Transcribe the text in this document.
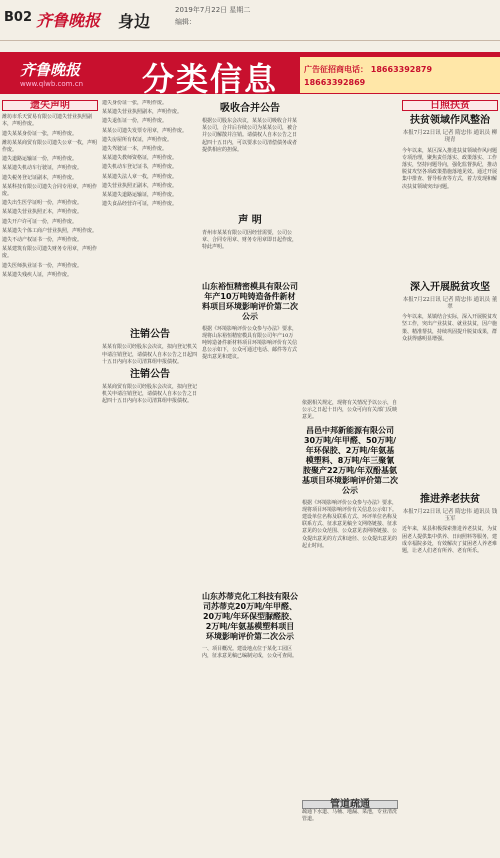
B02 齐鲁晚报 身边
2019年7月22日 星期二
编辑：
齐鲁晚报
www.qlwb.com.cn 分类信息	广告征招商电话： 18663392879
18663392869
遗失声明

潍坊市乐天贸易有限公司遗失营业执照副本，声明作废。

遗失某某身份证一张，声明作废。

潍坊某某商贸有限公司遗失公章一枚，声明作废。

遗失道路运输证一份，声明作废。

某某遗失机动车行驶证，声明作废。

遗失税务登记证副本，声明作废。

某某科技有限公司遗失合同专用章，声明作废。

遗失出生医学证明一份，声明作废。

某某遗失营业执照正本，声明作废。

遗失开户许可证一份，声明作废。

某某遗失个体工商户营业执照，声明作废。

遗失不动产权证书一份，声明作废。

某某建筑有限公司遗失财务专用章，声明作废。

遗失医师执业证书一份，声明作废。

某某遗失残疾人证，声明作废。

遗失身份证一张，声明作废。

某某遗失营业执照副本，声明作废。

遗失退伍证一份，声明作废。

某某公司遗失发票专用章，声明作废。

遗失房屋所有权证，声明作废。

遗失驾驶证一本，声明作废。

某某遗失教师资格证，声明作废。

遗失机动车登记证书，声明作废。

某某遗失法人章一枚，声明作废。

遗失营业执照正副本，声明作废。

某某遗失道路运输证，声明作废。

遗失食品经营许可证，声明作废。

注销公告

某某有限公司经股东会决议，拟向登记机关申请注销登记，请债权人自本公告之日起四十五日内向本公司清算组申报债权。

注销公告

某某商贸有限公司经股东会决议，拟向登记机关申请注销登记，请债权人自本公告之日起四十五日内向本公司清算组申报债权。

吸收合并公告

根据公司股东会决议，某某公司吸收合并某某公司，合并后存续公司为某某公司，被合并公司解散并注销。请债权人自本公告之日起四十五日内，可以要求公司清偿债务或者提供相应的担保。

声 明

青州市某某有限公司因经营需要，公司公章、合同专用章、财务专用章即日起作废，特此声明。

山东裕恒精密模具有限公司年产10万吨铸造备件新材料项目环境影响评价第二次公示

根据《环境影响评价公众参与办法》要求，现将山东裕恒精密模具有限公司年产10万吨铸造备件新材料项目环境影响评价有关信息公示如下，公众可通过电话、邮件等方式提出意见和建议。

山东苏蒂克化工科技有限公司苏蒂克20万吨/年甲醛、20万吨/年环保型脲醛胶、2万吨/年氨基模塑料项目环境影响评价第二次公示

一、项目概况。建设地点位于某化工园区内，征求意见稿已编制完成，公众可查阅。

依据相关规定，现将有关情况予以公示，自公示之日起十日内，公众可向有关部门反映意见。

昌邑中邦新能源有限公司30万吨/年甲醛、50万吨/年环保胶、2万吨/年氨基模塑料、8万吨/年三聚氰胺聚产22万吨/年双酚基氨基项目环境影响评价第二次公示

根据《环境影响评价公众参与办法》要求，现将项目环境影响评价有关信息公示如下。建设单位名称及联系方式、环评单位名称及联系方式、征求意见稿全文网络链接、征求意见的公众范围、公众意见表网络链接、公众提出意见的方式和途径、公众提出意见的起止时间。

管道疏通

疏通下水道、马桶、地漏、菜池，专业清洗管道。

日照扶贫
扶贫领域作风整治
本报7月22日讯 记者 隋忠伟 通讯员 柳现青

今年以来，某区深入推进扶贫领域作风问题专项治理，聚焦责任落实、政策落实、工作落实，坚持问题导向，强化监督执纪，推动脱贫攻坚各项政策措施落地见效。通过开展集中排查、督导检查等方式，着力发现和解决扶贫领域突出问题。

深入开展脱贫攻坚
本报7月22日讯 记者 隋忠伟 通讯员 董翠

今年以来，某镇结合实际，深入开展脱贫攻坚工作，突出产业扶贫、就业扶贫，因户施策、精准帮扶，持续巩固提升脱贫成果，群众获得感明显增强。

推进养老扶贫
本报7月22日讯 记者 隋忠伟 通讯员 钱玉军

近年来，某县积极探索推进养老扶贫，为贫困老人提供集中供养、日间照料等服务，建成幸福院多处，有效解决了贫困老人养老难题，让老人们老有所养、老有所乐。
